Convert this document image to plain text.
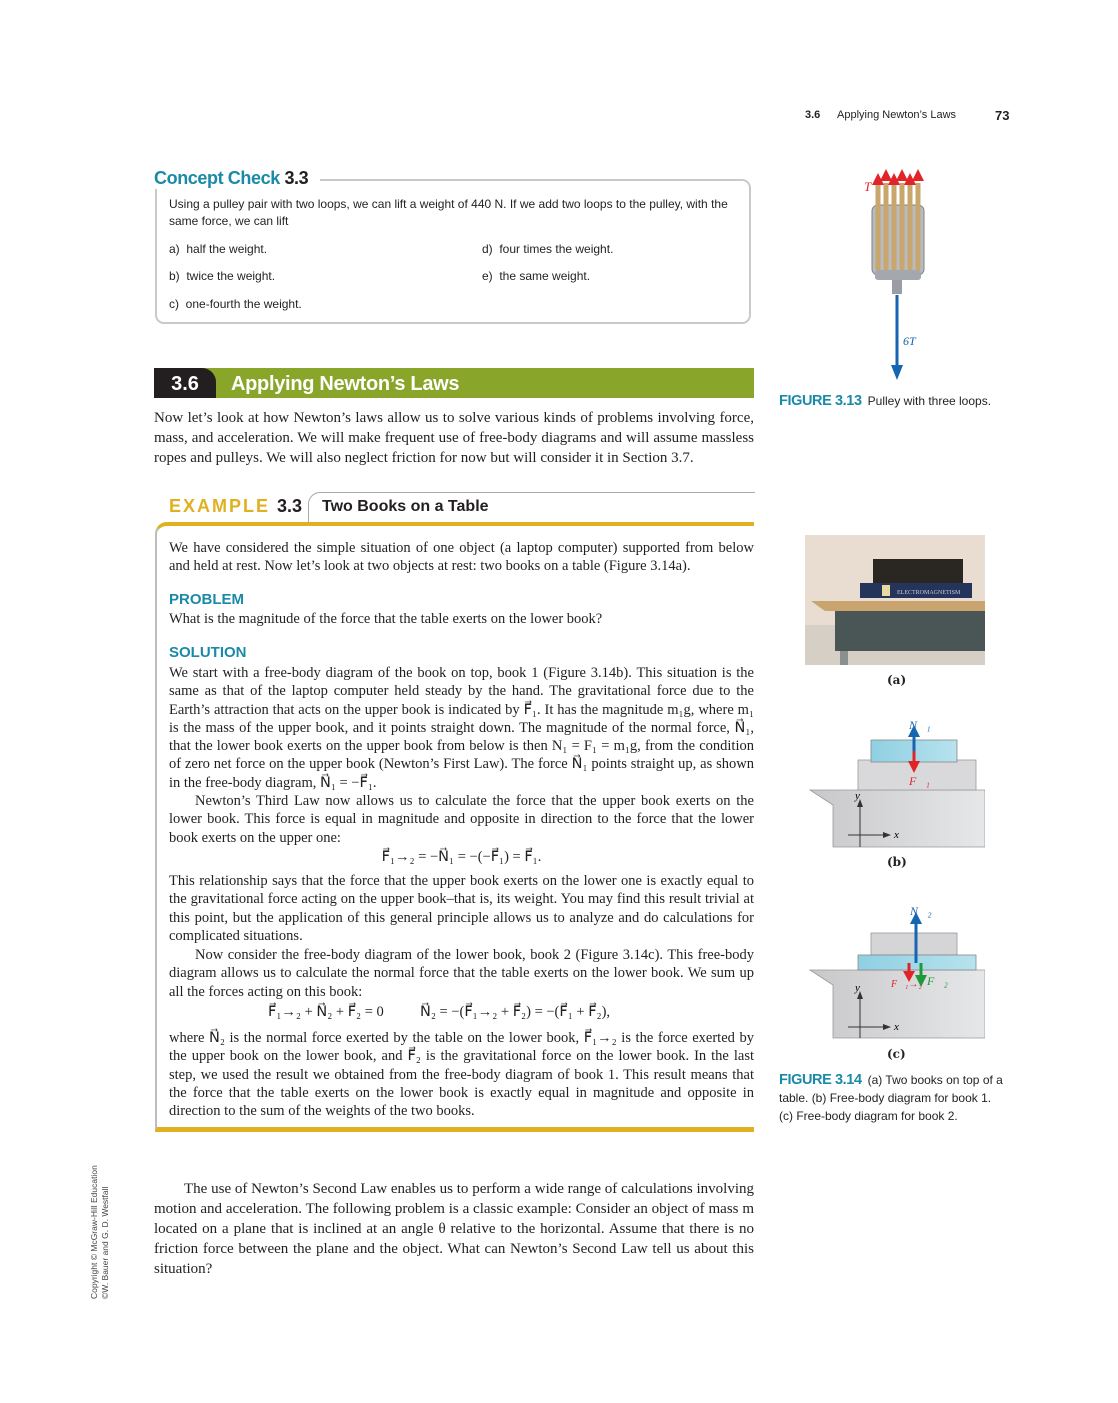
3.6 Applying Newton’s Laws	73
Concept Check 3.3
Using a pulley pair with two loops, we can lift a weight of 440 N. If we add two loops to the pulley, with the same force, we can lift
a) half the weight.
b) twice the weight.
c) one-fourth the weight.
d) four times the weight.
e) the same weight.
3.6	Applying Newton’s Laws
Now let’s look at how Newton’s laws allow us to solve various kinds of problems involving force, mass, and acceleration. We will make frequent use of free-body diagrams and will assume massless ropes and pulleys. We will also neglect friction for now but will consider it in Section 3.7.
EXAMPLE 3.3 Two Books on a Table
We have considered the simple situation of one object (a laptop computer) supported from below and held at rest. Now let’s look at two objects at rest: two books on a table (Figure 3.14a).
PROBLEM
What is the magnitude of the force that the table exerts on the lower book?
SOLUTION
We start with a free-body diagram of the book on top, book 1 (Figure 3.14b). This situation is the same as that of the laptop computer held steady by the hand. The gravitational force due to the Earth’s attraction that acts on the upper book is indicated by F⃗₁. It has the magnitude m₁g, where m₁ is the mass of the upper book, and it points straight down. The magnitude of the normal force, N⃗₁, that the lower book exerts on the upper book from below is then N₁ = F₁ = m₁g, from the condition of zero net force on the upper book (Newton’s First Law). The force N⃗₁ points straight up, as shown in the free-body diagram, N⃗₁ = −F⃗₁.
Newton’s Third Law now allows us to calculate the force that the upper book exerts on the lower book. This force is equal in magnitude and opposite in direction to the force that the lower book exerts on the upper one:
F⃗₁→₂ = −N⃗₁ = −(−F⃗₁) = F⃗₁.
This relationship says that the force that the upper book exerts on the lower one is exactly equal to the gravitational force acting on the upper book–that is, its weight. You may find this result trivial at this point, but the application of this general principle allows us to analyze and do calculations for complicated situations.
Now consider the free-body diagram of the lower book, book 2 (Figure 3.14c). This free-body diagram allows us to calculate the normal force that the table exerts on the lower book. We sum up all the forces acting on this book:
F⃗₁→₂ + N⃗₂ + F⃗₂ = 0 N⃗₂ = −(F⃗₁→₂ + F⃗₂) = −(F⃗₁ + F⃗₂),
where N⃗₂ is the normal force exerted by the table on the lower book, F⃗₁→₂ is the force exerted by the upper book on the lower book, and F⃗₂ is the gravitational force on the lower book. In the last step, we used the result we obtained from the free-body diagram of book 1. This result means that the force that the table exerts on the lower book is exactly equal in magnitude and opposite in direction to the sum of the weights of the two books.
The use of Newton’s Second Law enables us to perform a wide range of calculations involving motion and acceleration. The following problem is a classic example: Consider an object of mass m located on a plane that is inclined at an angle θ relative to the horizontal. Assume that there is no friction force between the plane and the object. What can Newton’s Second Law tell us about this situation?
T⃗
6T⃗
FIGURE 3.13 Pulley with three loops.
ELECTROMAGNETISM
(a)
N⃗₁
F⃗₁
y
x
(b)
N⃗₂
F⃗₁→₂ F⃗₂
y
x
(c)
FIGURE 3.14 (a) Two books on top of a table. (b) Free-body diagram for book 1. (c) Free-body diagram for book 2.
Copyright © McGraw-Hill Education ©W. Bauer and G. D. Westfall
